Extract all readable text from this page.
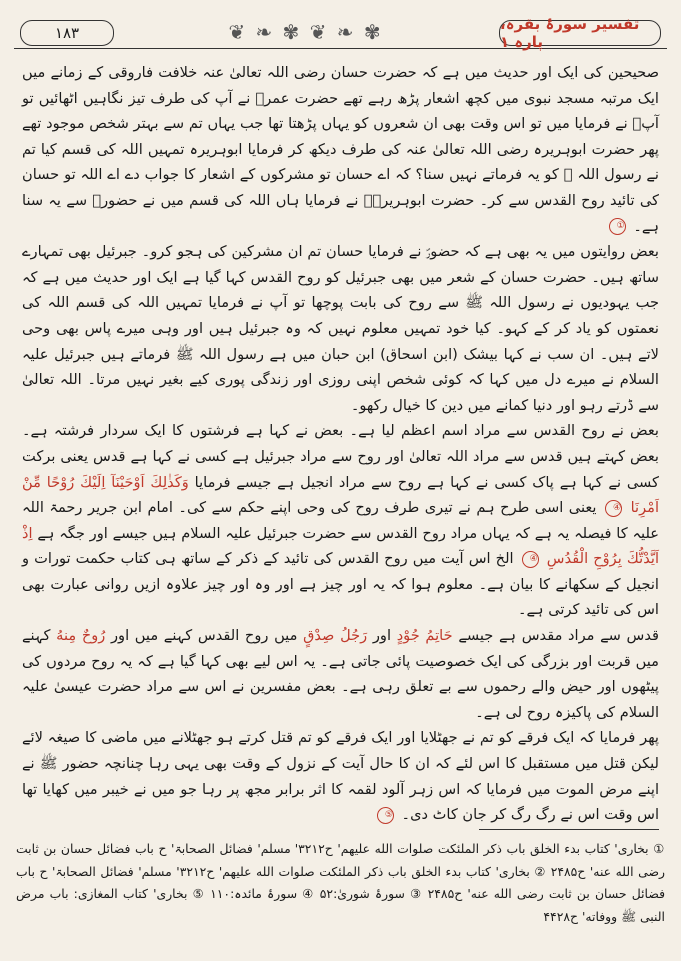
۱۸۳	❦ ❧ ✾ ❦ ❧ ✾	تفسیر سورۂ بقرہ، پارہ ۱

صحیحین کی ایک اور حدیث میں ہے کہ حضرت حسان رضی اللہ تعالیٰ عنہ خلافت فاروقی کے زمانے میں ایک مرتبہ مسجد نبوی میں کچھ اشعار پڑھ رہے تھے حضرت عمرؓ نے آپ کی طرف تیز نگاہیں اٹھائیں تو آپؓ نے فرمایا میں تو اس وقت بھی ان شعروں کو یہاں پڑھتا تھا جب یہاں تم سے بہتر شخص موجود تھے پھر حضرت ابوہریرہ رضی اللہ تعالیٰ عنہ کی طرف دیکھ کر فرمایا ابوہریرہ تمہیں اللہ کی قسم کیا تم نے رسول اللہ ﷺ کو یہ فرماتے نہیں سنا؟ کہ اے حسان تو مشرکوں کے اشعار کا جواب دے اے اللہ تو حسان کی تائید روح القدس سے کر۔ حضرت ابوہریرہؓ نے فرمایا ہاں اللہ کی قسم میں نے حضورؐ سے یہ سنا ہے۔ ①

بعض روایتوں میں یہ بھی ہے کہ حضورؐ نے فرمایا حسان تم ان مشرکین کی ہجو کرو۔ جبرئیل بھی تمہارے ساتھ ہیں۔ حضرت حسان کے شعر میں بھی جبرئیل کو روح القدس کہا گیا ہے ایک اور حدیث میں ہے کہ جب یہودیوں نے رسول اللہ ﷺ سے روح کی بابت پوچھا تو آپ نے فرمایا تمہیں اللہ کی قسم اللہ کی نعمتوں کو یاد کر کے کہو۔ کیا خود تمہیں معلوم نہیں کہ وہ جبرئیل ہیں اور وہی میرے پاس بھی وحی لاتے ہیں۔ ان سب نے کہا بیشک (ابن اسحاق) ابن حبان میں ہے رسول اللہ ﷺ فرماتے ہیں جبرئیل علیہ السلام نے میرے دل میں کہا کہ کوئی شخص اپنی روزی اور زندگی پوری کیے بغیر نہیں مرتا۔ اللہ تعالیٰ سے ڈرتے رہو اور دنیا کمانے میں دین کا خیال رکھو۔

بعض نے روح القدس سے مراد اسم اعظم لیا ہے۔ بعض نے کہا ہے فرشتوں کا ایک سردار فرشتہ ہے۔ بعض کہتے ہیں قدس سے مراد اللہ تعالیٰ اور روح سے مراد جبرئیل ہے کسی نے کہا ہے قدس یعنی برکت کسی نے کہا ہے پاک کسی نے کہا ہے روح سے مراد انجیل ہے جیسے فرمایا وَكَذٰلِكَ اَوْحَيْنَآ اِلَيْكَ رُوْحًا مِّنْ اَمْرِنَا ④ یعنی اسی طرح ہم نے تیری طرف روح کی وحی اپنے حکم سے کی۔ امام ابن جریر رحمۃ اللہ علیہ کا فیصلہ یہ ہے کہ یہاں مراد روح القدس سے حضرت جبرئیل علیہ السلام ہیں جیسے اور جگہ ہے اِذْ اَيَّدْتُّكَ بِرُوْحِ الْقُدُسِ ④ الخ اس آیت میں روح القدس کی تائید کے ذکر کے ساتھ ہی کتاب حکمت تورات و انجیل کے سکھانے کا بیان ہے۔ معلوم ہوا کہ یہ اور چیز ہے اور وہ اور چیز علاوہ ازیں روانی عبارت بھی اس کی تائید کرتی ہے۔

قدس سے مراد مقدس ہے جیسے حَاتِمُ جُوْدٍ اور رَجُلُ صِدْقٍ میں روح القدس کہنے میں اور رُوحٌ مِنهُ کہنے میں قربت اور بزرگی کی ایک خصوصیت پائی جاتی ہے۔ یہ اس لیے بھی کہا گیا ہے کہ یہ روح مردوں کی پیٹھوں اور حیض والے رحموں سے بے تعلق رہی ہے۔ بعض مفسرین نے اس سے مراد حضرت عیسیٰ علیہ السلام کی پاکیزہ روح لی ہے۔

پھر فرمایا کہ ایک فرقے کو تم نے جھٹلایا اور ایک فرقے کو تم قتل کرتے ہو جھٹلانے میں ماضی کا صیغہ لائے لیکن قتل میں مستقبل کا اس لئے کہ ان کا حال آیت کے نزول کے وقت بھی یہی رہا چنانچہ حضور ﷺ نے اپنے مرض الموت میں فرمایا کہ اس زہر آلود لقمہ کا اثر برابر مجھ پر رہا جو میں نے خیبر میں کھایا تھا اس وقت اس نے رگ رگ کر جان کاٹ دی۔ ⑤

① بخاری' کتاب بدء الخلق باب ذکر الملئکت صلوات الله علیهم' ح۳۲۱۲' مسلم' فضائل الصحابۃ' ح باب فضائل حسان بن ثابت رضی الله عنه' ح۲۴۸۵ ② بخاری' کتاب بدء الخلق باب ذکر الملئکت صلوات الله علیهم' ح۳۲۱۲' مسلم' فضائل الصحابۃ' ح باب فضائل حسان بن ثابت رضی الله عنه' ح۲۴۸۵ ③ سورۂ شوریٰ:۵۲ ④ سورۂ مائدہ:۱۱۰ ⑤ بخاری' کتاب المغازی: باب مرض النبی ﷺ ووفاته' ح۴۴۲۸
